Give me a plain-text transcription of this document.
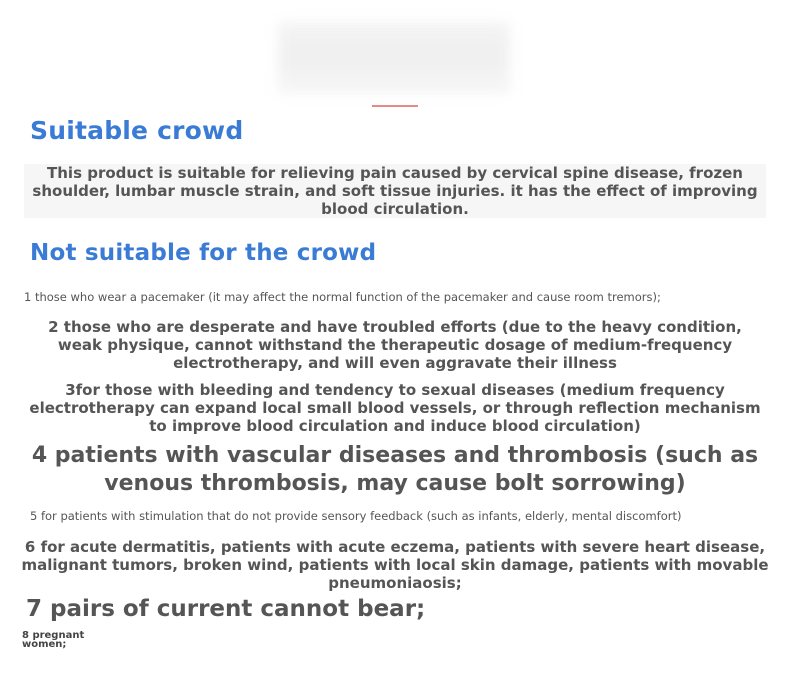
Suitable crowd

This product is suitable for relieving pain caused by cervical spine disease, frozen shoulder, lumbar muscle strain, and soft tissue injuries. it has the effect of improving blood circulation.

Not suitable for the crowd

1 those who wear a pacemaker (it may affect the normal function of the pacemaker and cause room tremors);

2 those who are desperate and have troubled efforts (due to the heavy condition, weak physique, cannot withstand the therapeutic dosage of medium-frequency electrotherapy, and will even aggravate their illness

3for those with bleeding and tendency to sexual diseases (medium frequency electrotherapy can expand local small blood vessels, or through reflection mechanism to improve blood circulation and induce blood circulation)

4 patients with vascular diseases and thrombosis (such as venous thrombosis, may cause bolt sorrowing)

5 for patients with stimulation that do not provide sensory feedback (such as infants, elderly, mental discomfort)

6 for acute dermatitis, patients with acute eczema, patients with severe heart disease, malignant tumors, broken wind, patients with local skin damage, patients with movable pneumoniaosis;

7 pairs of current cannot bear;

8 pregnant women;
